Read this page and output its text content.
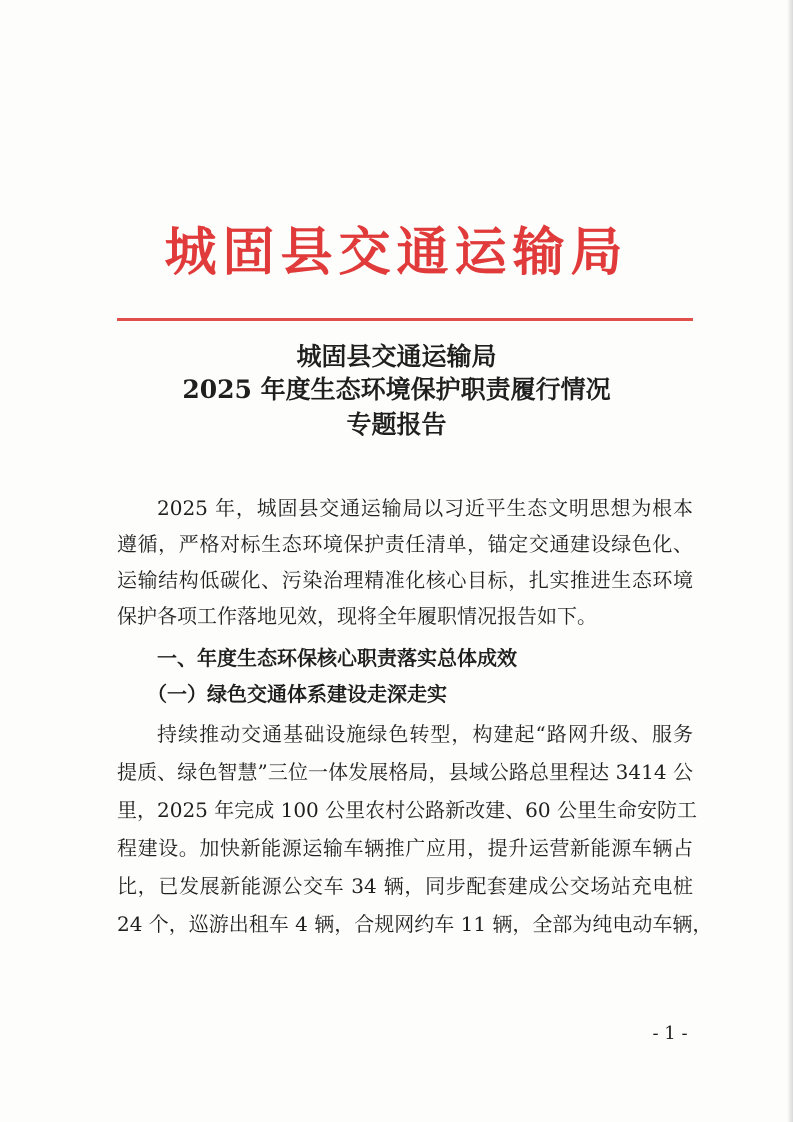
城固县交通运输局
城固县交通运输局
2025 年度生态环境保护职责履行情况
专题报告
2025 年，城固县交通运输局以习近平生态文明思想为根本
遵循，严格对标生态环境保护责任清单，锚定交通建设绿色化、
运输结构低碳化、污染治理精准化核心目标，扎实推进生态环境
保护各项工作落地见效，现将全年履职情况报告如下。
一、年度生态环保核心职责落实总体成效
（一）绿色交通体系建设走深走实
持续推动交通基础设施绿色转型，构建起“路网升级、服务
提质、绿色智慧”三位一体发展格局，县域公路总里程达 3414 公
里，2025 年完成 100 公里农村公路新改建、60 公里生命安防工
程建设。加快新能源运输车辆推广应用，提升运营新能源车辆占
比，已发展新能源公交车 34 辆，同步配套建成公交场站充电桩
24 个，巡游出租车 4 辆，合规网约车 11 辆，全部为纯电动车辆，
- 1 -
